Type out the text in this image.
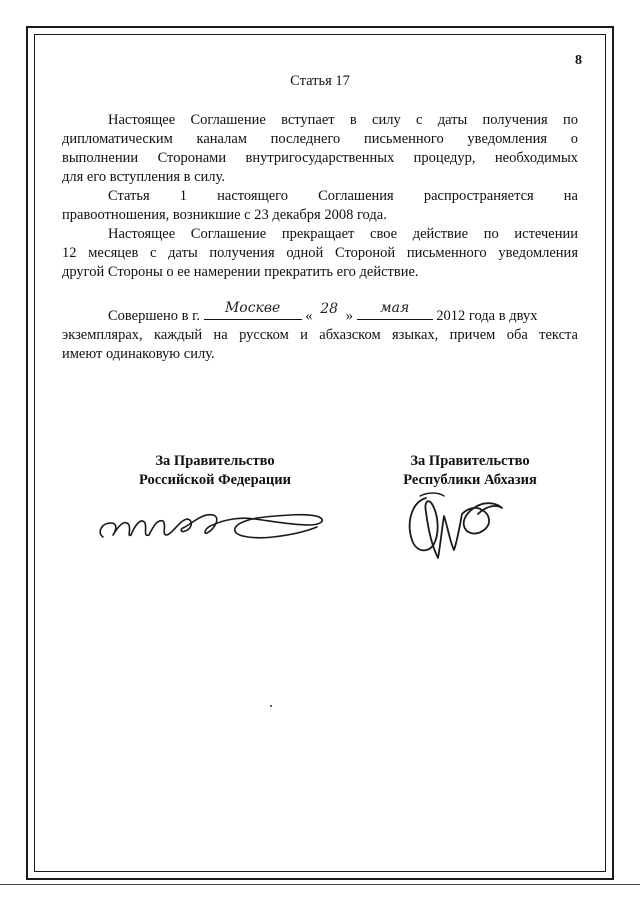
8
Статья 17
Настоящее Соглашение вступает в силу с даты получения по
дипломатическим каналам последнего письменного уведомления о
выполнении Сторонами внутригосударственных процедур, необходимых
для его вступления в силу.
Статья 1 настоящего Соглашения распространяется на
правоотношения, возникшие с 23 декабря 2008 года.
Настоящее Соглашение прекращает свое действие по истечении
12 месяцев с даты получения одной Стороной письменного уведомления
другой Стороны о ее намерении прекратить его действие.
Совершено в г.	Москве	« 28 »	мая	2012 года в двух
экземплярах, каждый на русском и абхазском языках, причем оба текста
имеют одинаковую силу.
За Правительство
Российской Федерации
За Правительство
Республики Абхазия
